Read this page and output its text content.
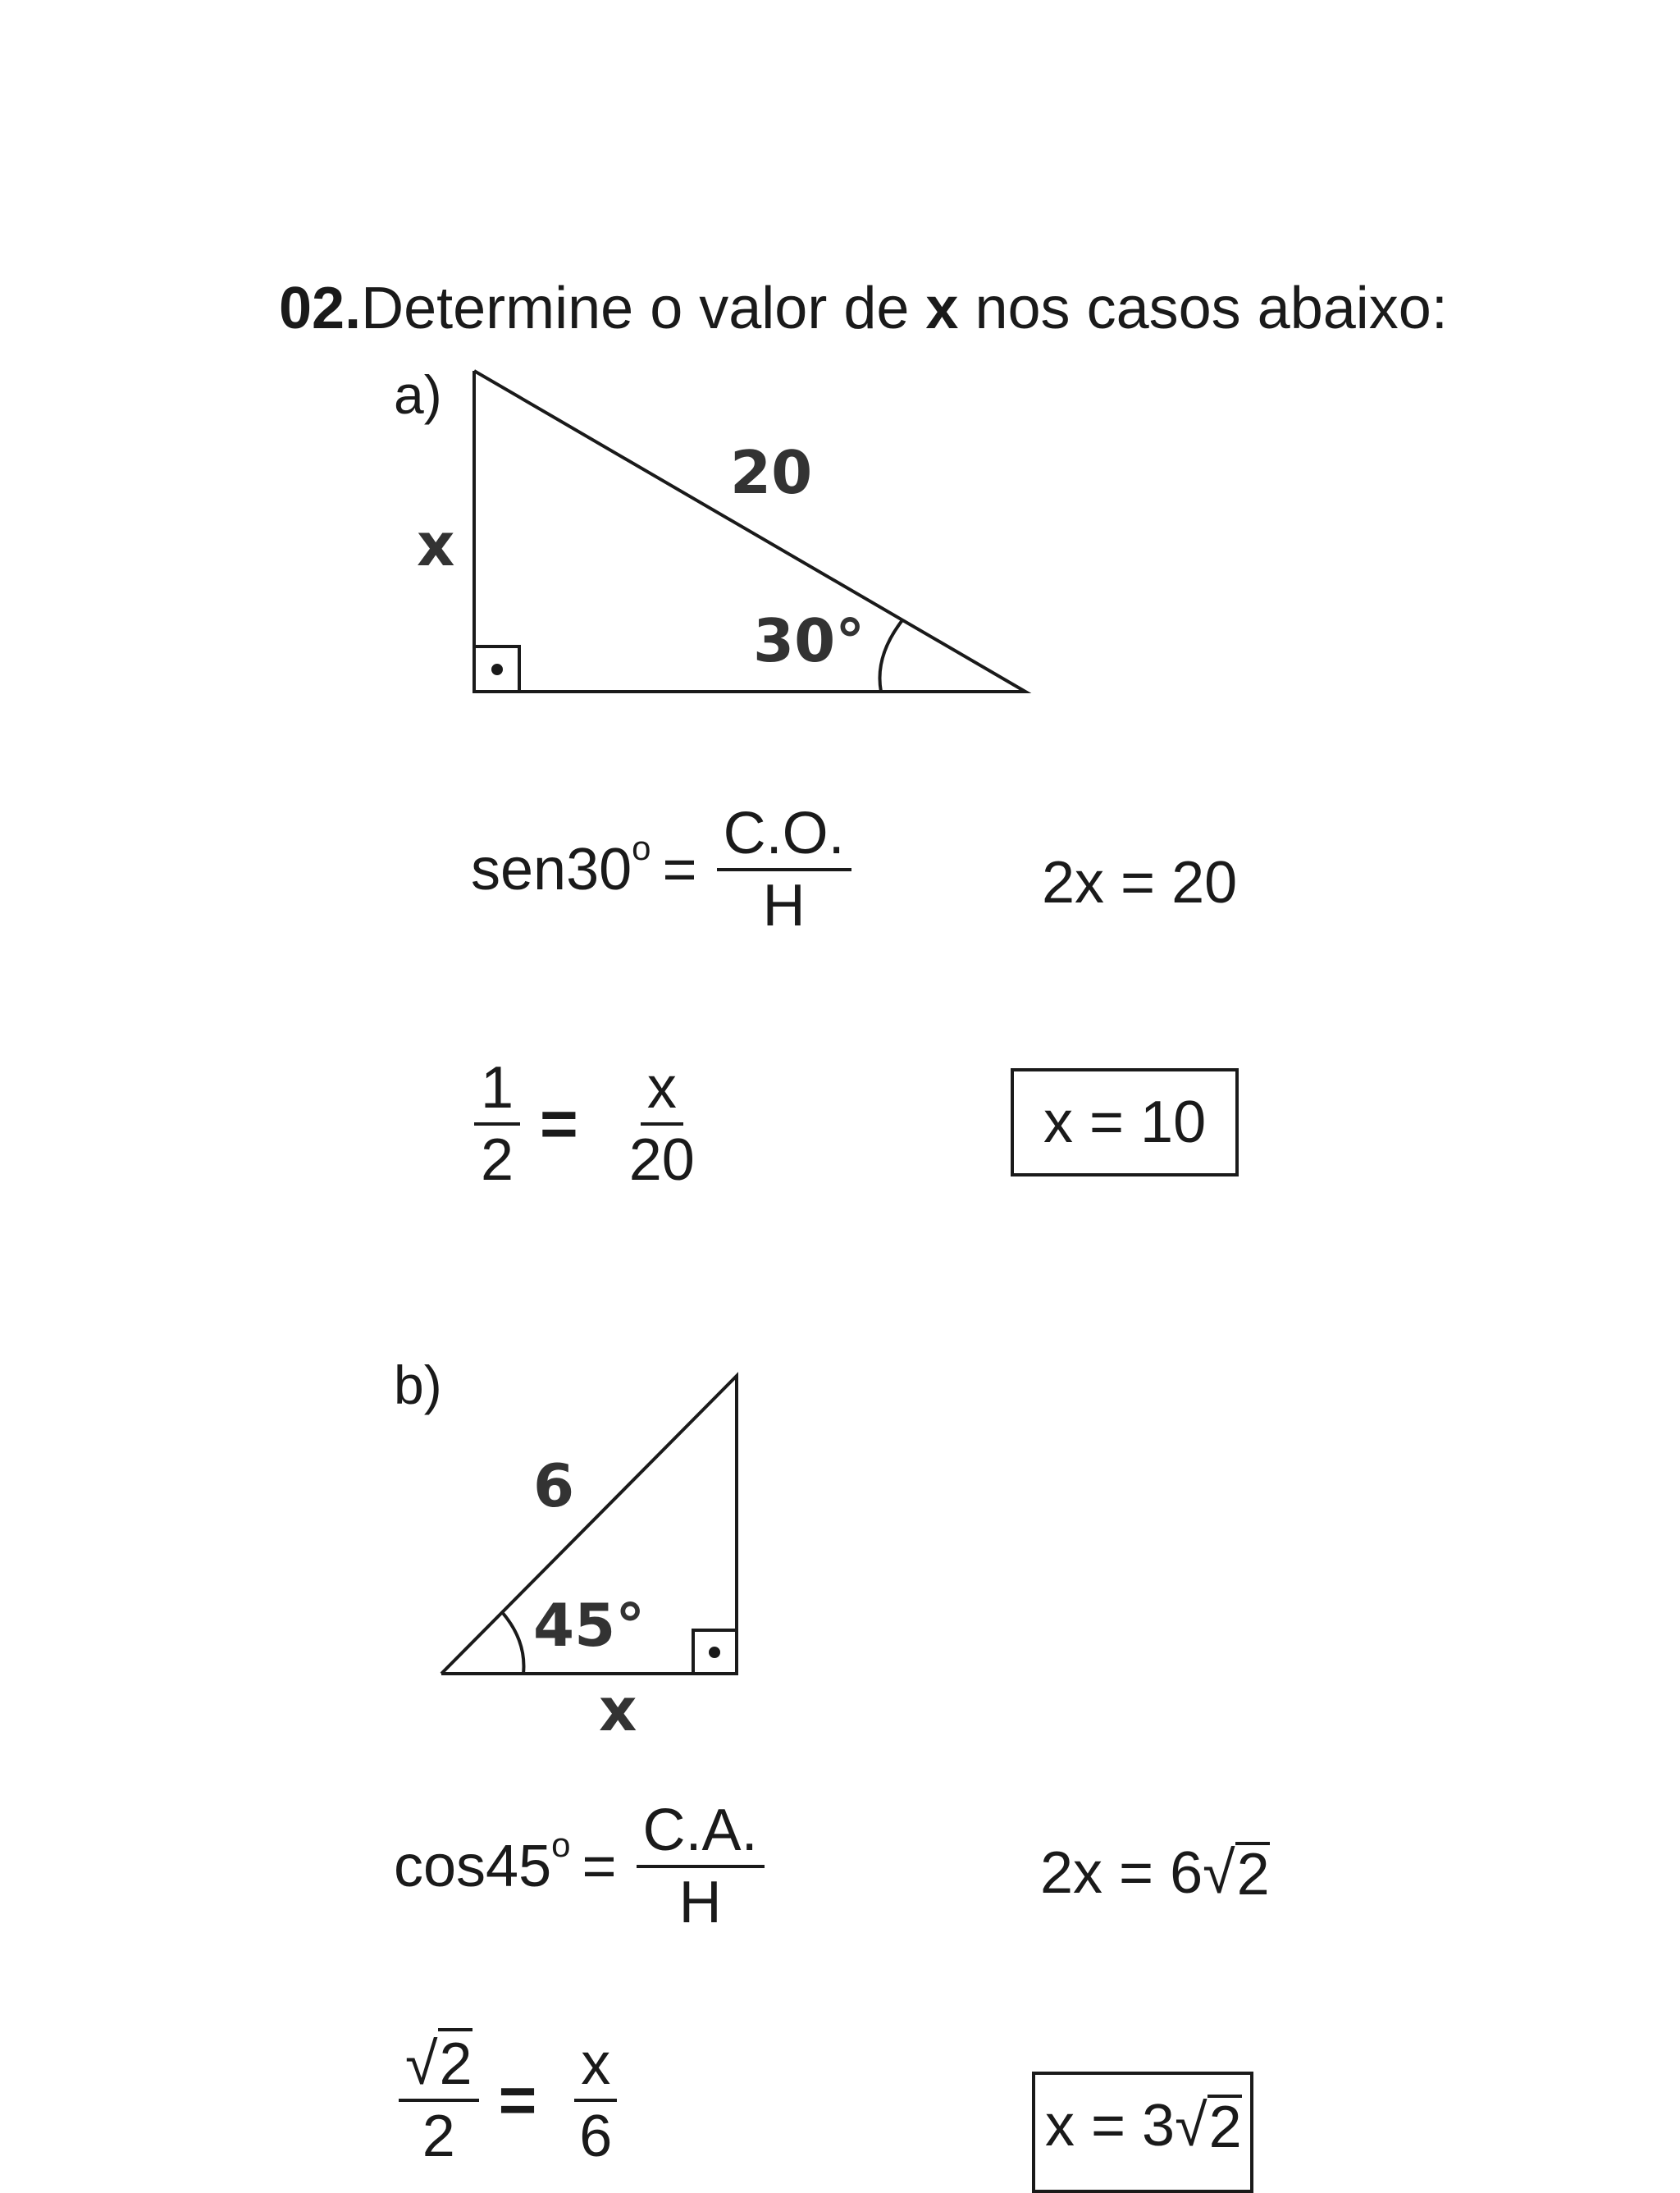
02.Determine o valor de x nos casos abaixo:
a)
x
20
30°
sen30 $o = \frac{C.O.}{H}$
$\frac{1}{2} = \frac{x}{20}$
2x = 20
x = 10
b)
6
45°
x
cos45 $o = \frac{C.A.}{H}$	2x = 6 √ 2
$\frac{√2}{2} = \frac{x}{6}$	x = 3 √ 2
